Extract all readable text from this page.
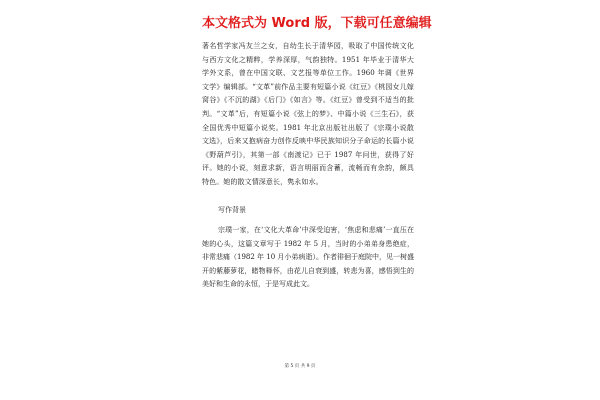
本文格式为 Word 版，下载可任意编辑

著名哲学家冯友兰之女，自幼生长于清华园，吸取了中国传统文化与西方文化之精粹，学养深厚，气韵独特。1951 年毕业于清华大学外文系，曾在中国文联、文艺报等单位工作。1960 年调《世界文学》编辑部。“文革”前作品主要有短篇小说《红豆》《桃园女儿嫁窝谷》《不沉的湖》《后门》《如言》等。《红豆》曾受到不适当的批判。“文革”后，有短篇小说《弦上的梦》、中篇小说《三生石》，获全国优秀中短篇小说奖。1981 年北京出版社出版了《宗璞小说散文选》，后来又抱病奋力创作反映中华民族知识分子命运的长篇小说《野葫芦引》，其第一部《南渡记》已于 1987 年问世，获得了好评。她的小说，刻意求新，语言明丽而含蓄，流畅而有余韵，颇具特色。她的散文情深意长，隽永如水。

写作背景

宗璞一家，在‘文化大革命’中深受迫害，‘焦虑和悲痛’一直压在她的心头，这篇文章写于 1982 年 5 月，当时的小弟弟身患绝症，非常悲痛（1982 年 10 月小弟病逝）。作者徘徊于庭院中，见一树盛开的紫藤萝花，睹物释怀，由花儿自衰到盛，转悲为喜，感悟到生的美好和生命的永恒，于是写成此文。

第 5 页 共 9 页
